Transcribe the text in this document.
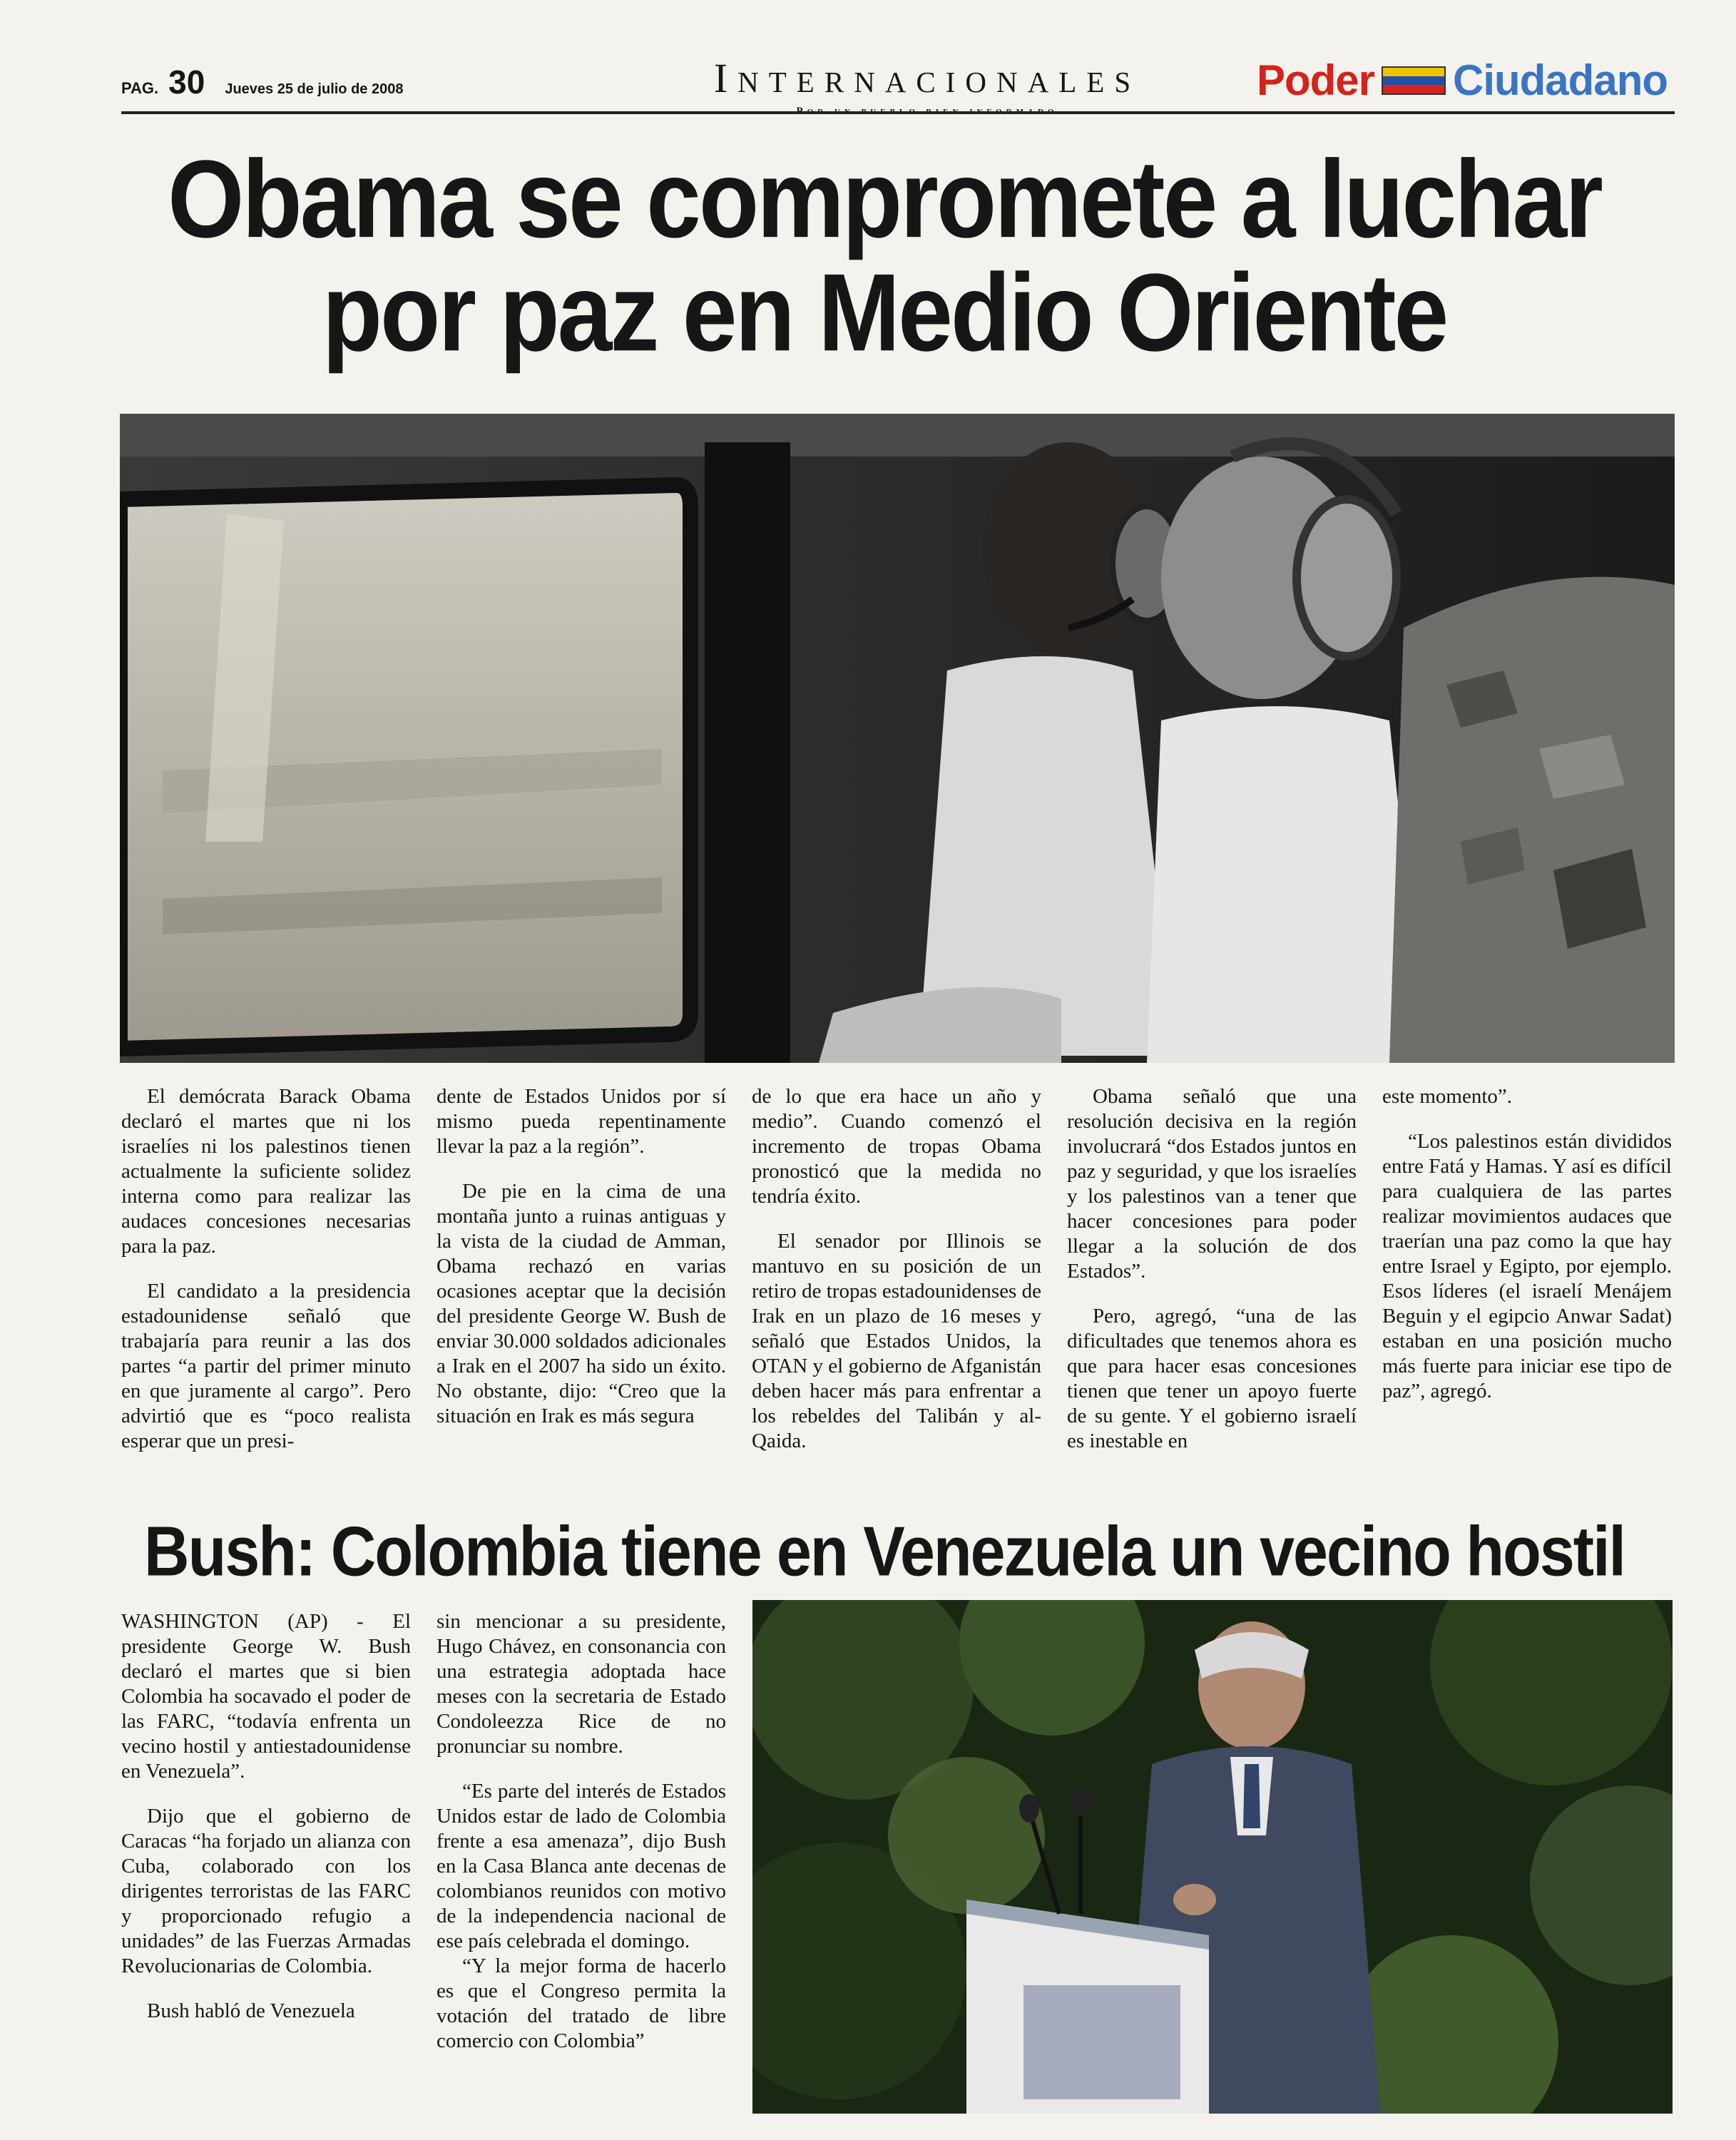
PAG. 30 Jueves 25 de julio de 2008	Internacionales	Poder Ciudadano
Obama se compromete a luchar
por paz en Medio Oriente

El demócrata Barack Obama declaró el martes que ni los israelíes ni los palestinos tienen actualmente la suficiente solidez interna como para realizar las audaces concesiones necesarias para la paz.

El candidato a la presidencia estadounidense señaló que trabajaría para reunir a las dos partes “a partir del primer minuto en que juramente al cargo”. Pero advirtió que es “poco realista esperar que un presi-

dente de Estados Unidos por sí mismo pueda repentinamente llevar la paz a la región”.

De pie en la cima de una montaña junto a ruinas antiguas y la vista de la ciudad de Amman, Obama rechazó en varias ocasiones aceptar que la decisión del presidente George W. Bush de enviar 30.000 soldados adicionales a Irak en el 2007 ha sido un éxito. No obstante, dijo: “Creo que la situación en Irak es más segura

de lo que era hace un año y medio”. Cuando comenzó el incremento de tropas Obama pronosticó que la medida no tendría éxito.

El senador por Illinois se mantuvo en su posición de un retiro de tropas estadounidenses de Irak en un plazo de 16 meses y señaló que Estados Unidos, la OTAN y el gobierno de Afganistán deben hacer más para enfrentar a los rebeldes del Talibán y al-Qaida.

Obama señaló que una resolución decisiva en la región involucrará “dos Estados juntos en paz y seguridad, y que los israelíes y los palestinos van a tener que hacer concesiones para poder llegar a la solución de dos Estados”.

Pero, agregó, “una de las dificultades que tenemos ahora es que para hacer esas concesiones tienen que tener un apoyo fuerte de su gente. Y el gobierno israelí es inestable en

este momento”.

“Los palestinos están divididos entre Fatá y Hamas. Y así es difícil para cualquiera de las partes realizar movimientos audaces que traerían una paz como la que hay entre Israel y Egipto, por ejemplo. Esos líderes (el israelí Menájem Beguin y el egipcio Anwar Sadat) estaban en una posición mucho más fuerte para iniciar ese tipo de paz”, agregó.

Bush: Colombia tiene en Venezuela un vecino hostil

WASHINGTON (AP) - El presidente George W. Bush declaró el martes que si bien Colombia ha socavado el poder de las FARC, “todavía enfrenta un vecino hostil y antiestadounidense en Venezuela”.

Dijo que el gobierno de Caracas “ha forjado un alianza con Cuba, colaborado con los dirigentes terroristas de las FARC y proporcionado refugio a unidades” de las Fuerzas Armadas Revolucionarias de Colombia.

Bush habló de Venezuela

sin mencionar a su presidente, Hugo Chávez, en consonancia con una estrategia adoptada hace meses con la secretaria de Estado Condoleezza Rice de no pronunciar su nombre.

“Es parte del interés de Estados Unidos estar de lado de Colombia frente a esa amenaza”, dijo Bush en la Casa Blanca ante decenas de colombianos reunidos con motivo de la independencia nacional de ese país celebrada el domingo.

“Y la mejor forma de hacerlo es que el Congreso permita la votación del tratado de libre comercio con Colombia”
